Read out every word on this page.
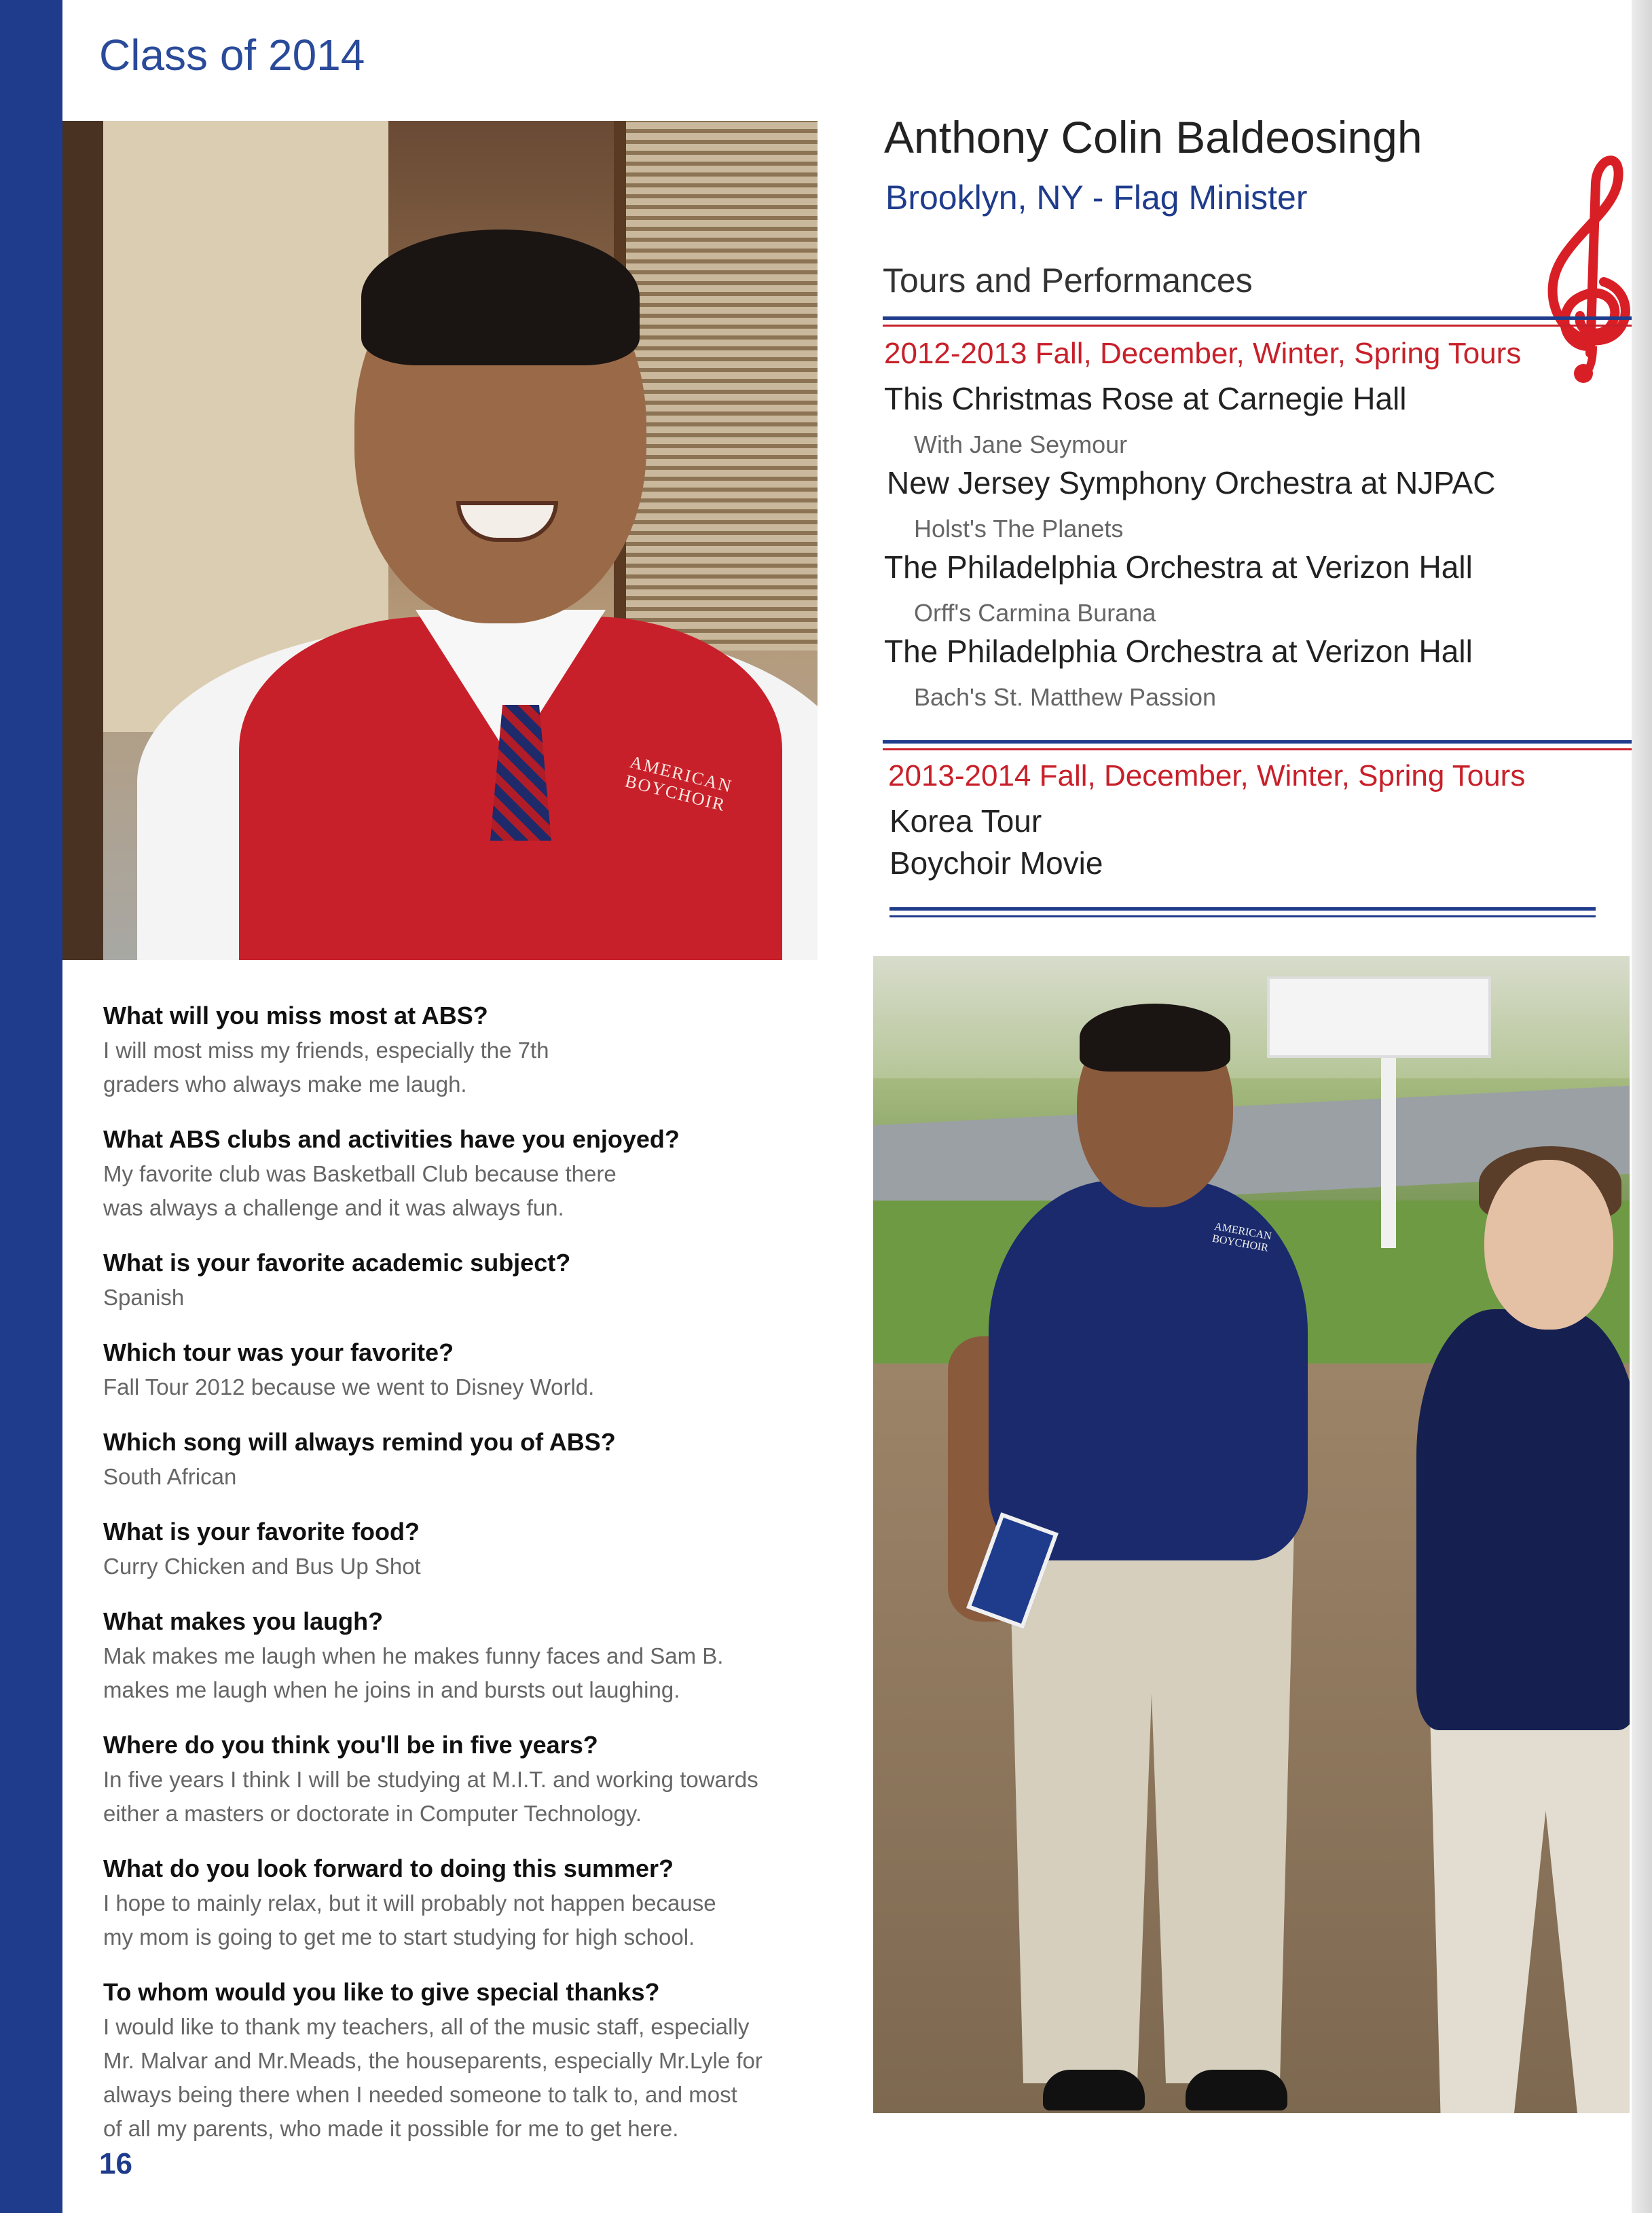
Class of 2014
AMERICAN BOYCHOIR
Anthony Colin Baldeosingh
Brooklyn, NY - Flag Minister
Tours and Performances
2012-2013 Fall, December, Winter, Spring Tours
This Christmas Rose at Carnegie Hall
With Jane Seymour
New Jersey Symphony Orchestra at NJPAC
Holst's The Planets
The Philadelphia Orchestra at Verizon Hall
Orff's Carmina Burana
The Philadelphia Orchestra at Verizon Hall
Bach's St. Matthew Passion
2013-2014 Fall, December, Winter, Spring Tours
Korea Tour
Boychoir Movie
What will you miss most at ABS?
I will most miss my friends, especially the 7th
graders who always make me laugh.
What ABS clubs and activities have you enjoyed?
My favorite club was Basketball Club because there
was always a challenge and it was always fun.
What is your favorite academic subject?
Spanish
Which tour was your favorite?
Fall Tour 2012 because we went to Disney World.
Which song will always remind you of ABS?
South African
What is your favorite food?
Curry Chicken and Bus Up Shot
What makes you laugh?
Mak makes me laugh when he makes funny faces and Sam B.
makes me laugh when he joins in and bursts out laughing.
Where do you think you'll be in five years?
In five years I think I will be studying at M.I.T. and working towards
either a masters or doctorate in Computer Technology.
What do you look forward to doing this summer?
I hope to mainly relax, but it will probably not happen because
my mom is going to get me to start studying for high school.
To whom would you like to give special thanks?
I would like to thank my teachers, all of the music staff, especially
Mr. Malvar and Mr.Meads, the houseparents, especially Mr.Lyle for
always being there when I needed someone to talk to, and most
of all my parents, who made it possible for me to get here.
16
AMERICAN BOYCHOIR
